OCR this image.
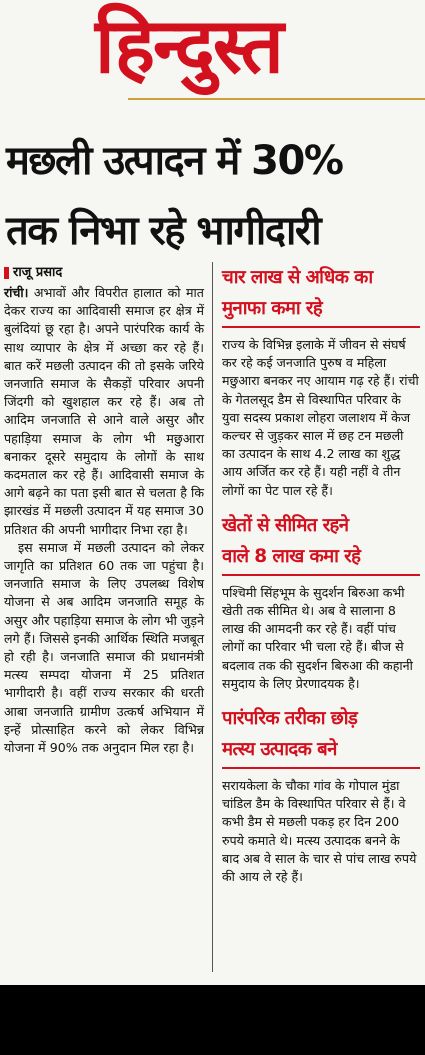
हिन्दुस्त
मछली उत्पादन में 30%
तक निभा रहे भागीदारी
राजू प्रसाद

रांची। अभावों और विपरीत हालात को मात देकर राज्य का आदिवासी समाज हर क्षेत्र में बुलंदियां छू रहा है। अपने पारंपरिक कार्य के साथ व्यापार के क्षेत्र में अच्छा कर रहे हैं। बात करें मछली उत्पादन की तो इसके जरिये जनजाति समाज के सैकड़ों परिवार अपनी जिंदगी को खुशहाल कर रहे हैं। अब तो आदिम जनजाति से आने वाले असुर और पहाड़िया समाज के लोग भी मछुआरा बनाकर दूसरे समुदाय के लोगों के साथ कदमताल कर रहे हैं। आदिवासी समाज के आगे बढ़ने का पता इसी बात से चलता है कि झारखंड में मछली उत्पादन में यह समाज 30 प्रतिशत की अपनी भागीदार निभा रहा है।

इस समाज में मछली उत्पादन को लेकर जागृति का प्रतिशत 60 तक जा पहुंचा है। जनजाति समाज के लिए उपलब्ध विशेष योजना से अब आदिम जनजाति समूह के असुर और पहाड़िया समाज के लोग भी जुड़ने लगे हैं। जिससे इनकी आर्थिक स्थिति मजबूत हो रही है। जनजाति समाज की प्रधानमंत्री मत्स्य सम्पदा योजना में 25 प्रतिशत भागीदारी है। वहीं राज्य सरकार की धरती आबा जनजाति ग्रामीण उत्कर्ष अभियान में इन्हें प्रोत्साहित करने को लेकर विभिन्न योजना में 90% तक अनुदान मिल रहा है।

चार लाख से अधिक का
मुनाफा कमा रहे

राज्य के विभिन्न इलाके में जीवन से संघर्ष कर रहे कई जनजाति पुरुष व महिला मछुआरा बनकर नए आयाम गढ़ रहे हैं। रांची के गेतलसूद डैम से विस्थापित परिवार के युवा सदस्य प्रकाश लोहरा जलाशय में केज कल्चर से जुड़कर साल में छह टन मछली का उत्पादन के साथ 4.2 लाख का शुद्ध आय अर्जित कर रहे हैं। यही नहीं वे तीन लोगों का पेट पाल रहे हैं।

खेतों से सीमित रहने
वाले 8 लाख कमा रहे

पश्चिमी सिंहभूम के सुदर्शन बिरुआ कभी खेती तक सीमित थे। अब वे सालाना 8 लाख की आमदनी कर रहे हैं। वहीं पांच लोगों का परिवार भी चला रहे हैं। बीज से बदलाव तक की सुदर्शन बिरुआ की कहानी समुदाय के लिए प्रेरणादयक है।

पारंपरिक तरीका छोड़
मत्स्य उत्पादक बने

सरायकेला के चौका गांव के गोपाल मुंडा चांडिल डैम के विस्थापित परिवार से हैं। वे कभी डैम से मछली पकड़ हर दिन 200 रुपये कमाते थे। मत्स्य उत्पादक बनने के बाद अब वे साल के चार से पांच लाख रुपये की आय ले रहे हैं।
